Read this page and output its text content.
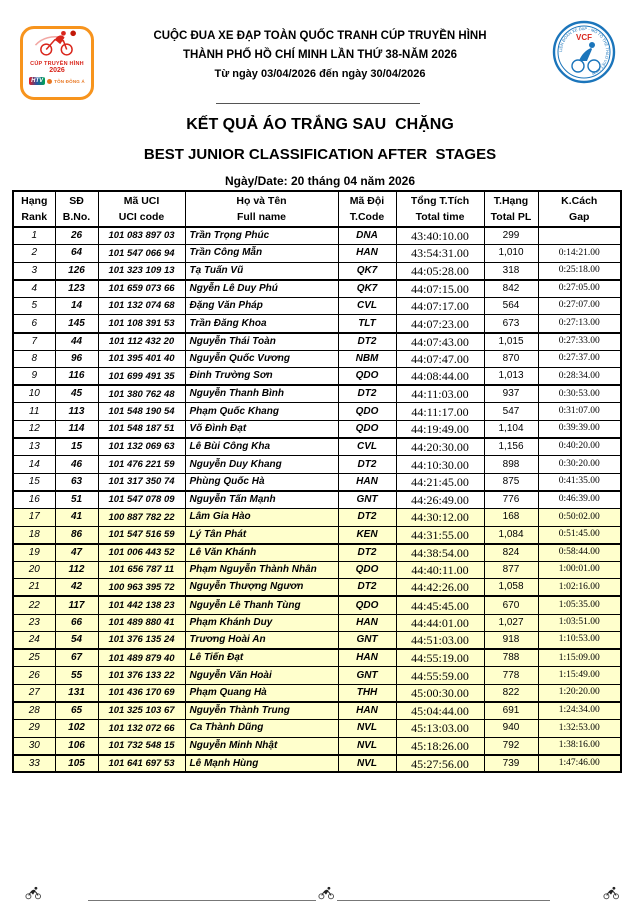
CÚP TRUYỀN HÌNH
2026
HTV	TÔN ĐÔNG Á
LIÊN ĐOÀN XE ĐẠP - MÔ TÔ THỂ THAO VIỆT NAM
VCF
CUỘC ĐUA XE ĐẠP TOÀN QUỐC TRANH CÚP TRUYỀN HÌNH
THÀNH PHỐ HỒ CHÍ MINH LẦN THỨ 38-NĂM 2026
Từ ngày 03/04/2026 đến ngày 30/04/2026
KẾT QUẢ ÁO TRẮNG SAU  CHẶNG
BEST JUNIOR CLASSIFICATION AFTER  STAGES
Ngày/Date: 20 tháng 04 năm 2026
Hạng
Rank

SĐ
B.No.

Mã UCI
UCI code

Họ và Tên
Full name

Mã Đội
T.Code

Tổng T.Tích
Total time

T.Hạng
Total PL

K.Cách
Gap

1	26	101 083 897 03	Trần Trọng Phúc	DNA	43:40:10.00	299	
2	64	101 547 066 94	Trần Công Mẫn	HAN	43:54:31.00	1,010	0:14:21.00
3	126	101 323 109 13	Tạ Tuấn Vũ	QK7	44:05:28.00	318	0:25:18.00
4	123	101 659 073 66	Ngyễn Lê Duy Phú	QK7	44:07:15.00	842	0:27:05.00
5	14	101 132 074 68	Đặng Văn Pháp	CVL	44:07:17.00	564	0:27:07.00
6	145	101 108 391 53	Trần Đăng Khoa	TLT	44:07:23.00	673	0:27:13.00
7	44	101 112 432 20	Nguyễn Thái Toàn	DT2	44:07:43.00	1,015	0:27:33.00
8	96	101 395 401 40	Nguyễn Quốc Vương	NBM	44:07:47.00	870	0:27:37.00
9	116	101 699 491 35	Đinh Trường Sơn	QDO	44:08:44.00	1,013	0:28:34.00
10	45	101 380 762 48	Nguyễn Thanh Bình	DT2	44:11:03.00	937	0:30:53.00
11	113	101 548 190 54	Phạm Quốc Khang	QDO	44:11:17.00	547	0:31:07.00
12	114	101 548 187 51	Võ Đình Đạt	QDO	44:19:49.00	1,104	0:39:39.00
13	15	101 132 069 63	Lê Bùi Công Kha	CVL	44:20:30.00	1,156	0:40:20.00
14	46	101 476 221 59	Nguyễn Duy Khang	DT2	44:10:30.00	898	0:30:20.00
15	63	101 317 350 74	Phùng Quốc Hà	HAN	44:21:45.00	875	0:41:35.00
16	51	101 547 078 09	Nguyễn Tấn Mạnh	GNT	44:26:49.00	776	0:46:39.00
17	41	100 887 782 22	Lâm Gia Hào	DT2	44:30:12.00	168	0:50:02.00
18	86	101 547 516 59	Lý Tân Phát	KEN	44:31:55.00	1,084	0:51:45.00
19	47	101 006 443 52	Lê Văn Khánh	DT2	44:38:54.00	824	0:58:44.00
20	112	101 656 787 11	Phạm Nguyễn Thành Nhân	QDO	44:40:11.00	877	1:00:01.00
21	42	100 963 395 72	Nguyễn Thượng Ngươn	DT2	44:42:26.00	1,058	1:02:16.00
22	117	101 442 138 23	Nguyễn Lê Thanh Tùng	QDO	44:45:45.00	670	1:05:35.00
23	66	101 489 880 41	Phạm Khánh Duy	HAN	44:44:01.00	1,027	1:03:51.00
24	54	101 376 135 24	Trương Hoài An	GNT	44:51:03.00	918	1:10:53.00
25	67	101 489 879 40	Lê Tiến Đạt	HAN	44:55:19.00	788	1:15:09.00
26	55	101 376 133 22	Nguyễn Văn Hoài	GNT	44:55:59.00	778	1:15:49.00
27	131	101 436 170 69	Phạm Quang Hà	THH	45:00:30.00	822	1:20:20.00
28	65	101 325 103 67	Nguyễn Thành Trung	HAN	45:04:44.00	691	1:24:34.00
29	102	101 132 072 66	Ca Thành Dũng	NVL	45:13:03.00	940	1:32:53.00
30	106	101 732 548 15	Nguyễn Minh Nhật	NVL	45:18:26.00	792	1:38:16.00
33	105	101 641 697 53	Lê Mạnh Hùng	NVL	45:27:56.00	739	1:47:46.00
